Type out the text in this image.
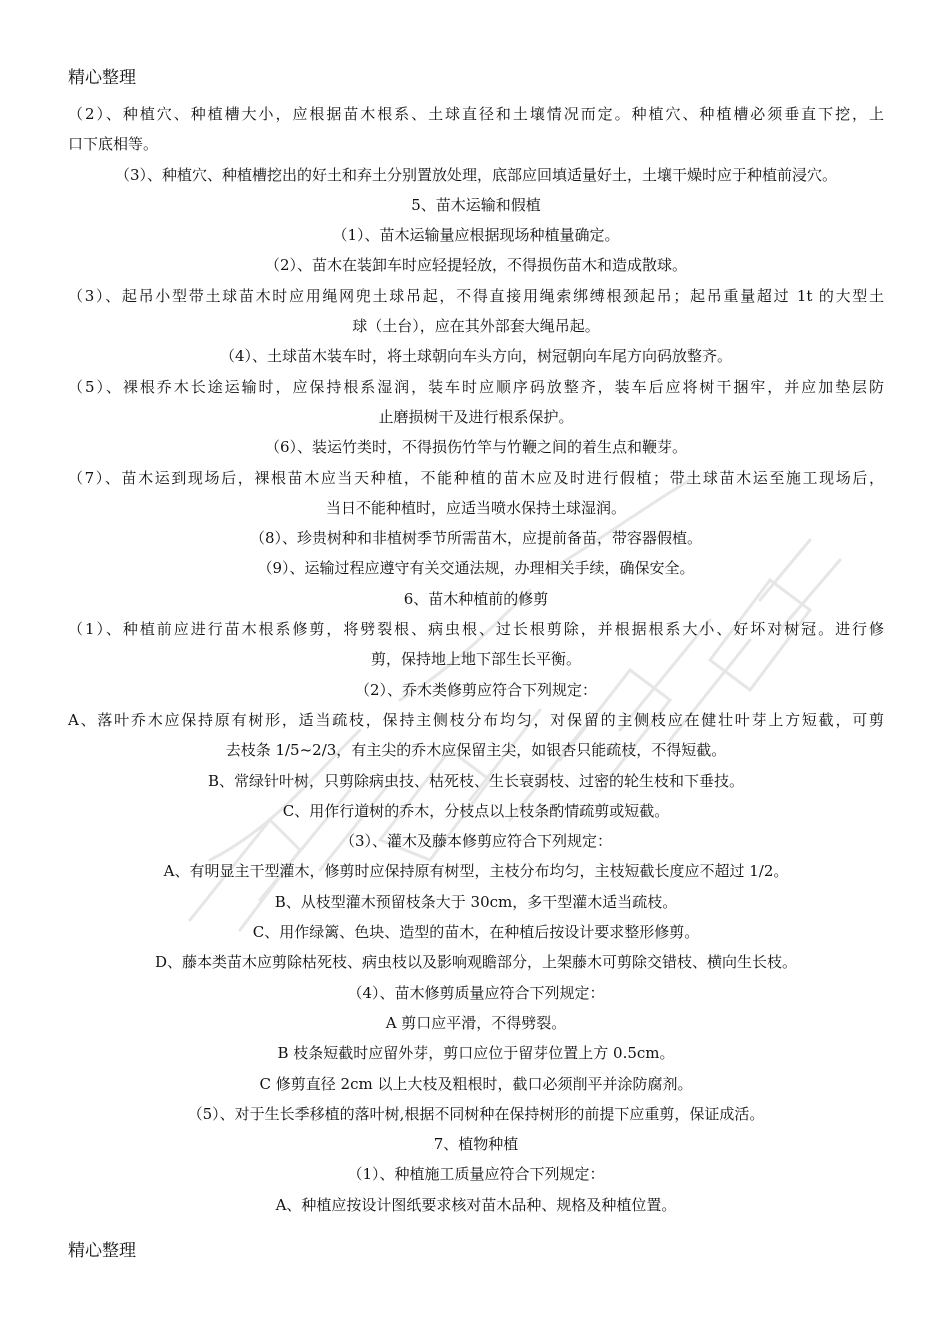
精心整理
（2）、种植穴、种植槽大小，应根据苗木根系、土球直径和土壤情况而定。种植穴、种植槽必须垂直下挖，上
口下底相等。
（3）、种植穴、种植槽挖出的好土和弃土分别置放处理，底部应回填适量好土，土壤干燥时应于种植前浸穴。
5、苗木运输和假植
（1）、苗木运输量应根据现场种植量确定。
（2）、苗木在装卸车时应轻提轻放，不得损伤苗木和造成散球。
（3）、起吊小型带土球苗木时应用绳网兜土球吊起，不得直接用绳索绑缚根颈起吊；起吊重量超过 1t 的大型土
球（土台），应在其外部套大绳吊起。
（4）、土球苗木装车时，将土球朝向车头方向，树冠朝向车尾方向码放整齐。
（5）、裸根乔木长途运输时，应保持根系湿润，装车时应顺序码放整齐，装车后应将树干捆牢，并应加垫层防
止磨损树干及进行根系保护。
（6）、装运竹类时，不得损伤竹竿与竹鞭之间的着生点和鞭芽。
（7）、苗木运到现场后，裸根苗木应当天种植，不能种植的苗木应及时进行假植；带土球苗木运至施工现场后，
当日不能种植时，应适当喷水保持土球湿润。
（8）、珍贵树种和非植树季节所需苗木，应提前备苗，带容器假植。
（9）、运输过程应遵守有关交通法规，办理相关手续，确保安全。
6、苗木种植前的修剪
（1）、种植前应进行苗木根系修剪，将劈裂根、病虫根、过长根剪除，并根据根系大小、好坏对树冠。进行修
剪，保持地上地下部生长平衡。
（2）、乔木类修剪应符合下列规定：
A、落叶乔木应保持原有树形，适当疏枝，保持主侧枝分布均匀，对保留的主侧枝应在健壮叶芽上方短截，可剪
去枝条 1/5~2/3，有主尖的乔木应保留主尖，如银杏只能疏枝，不得短截。
B、常绿针叶树，只剪除病虫技、枯死枝、生长衰弱枝、过密的轮生枝和下垂技。
C、用作行道树的乔木，分枝点以上枝条酌情疏剪或短截。
（3）、灌木及藤本修剪应符合下列规定：
A、有明显主干型灌木，修剪时应保持原有树型，主枝分布均匀，主枝短截长度应不超过 1/2。
B、从枝型灌木预留枝条大于 30cm，多干型灌木适当疏枝。
C、用作绿篱、色块、造型的苗木，在种植后按设计要求整形修剪。
D、藤本类苗木应剪除枯死枝、病虫枝以及影响观瞻部分，上架藤木可剪除交错枝、横向生长枝。
（4）、苗木修剪质量应符合下列规定：
A 剪口应平滑，不得劈裂。
B 枝条短截时应留外芽，剪口应位于留芽位置上方 0.5cm。
C 修剪直径 2cm 以上大枝及粗根时，截口必须削平并涂防腐剂。
（5）、对于生长季移植的落叶树,根据不同树种在保持树形的前提下应重剪，保证成活。
7、植物种植
（1）、种植施工质量应符合下列规定：
A、种植应按设计图纸要求核对苗木品种、规格及种植位置。
精心整理
